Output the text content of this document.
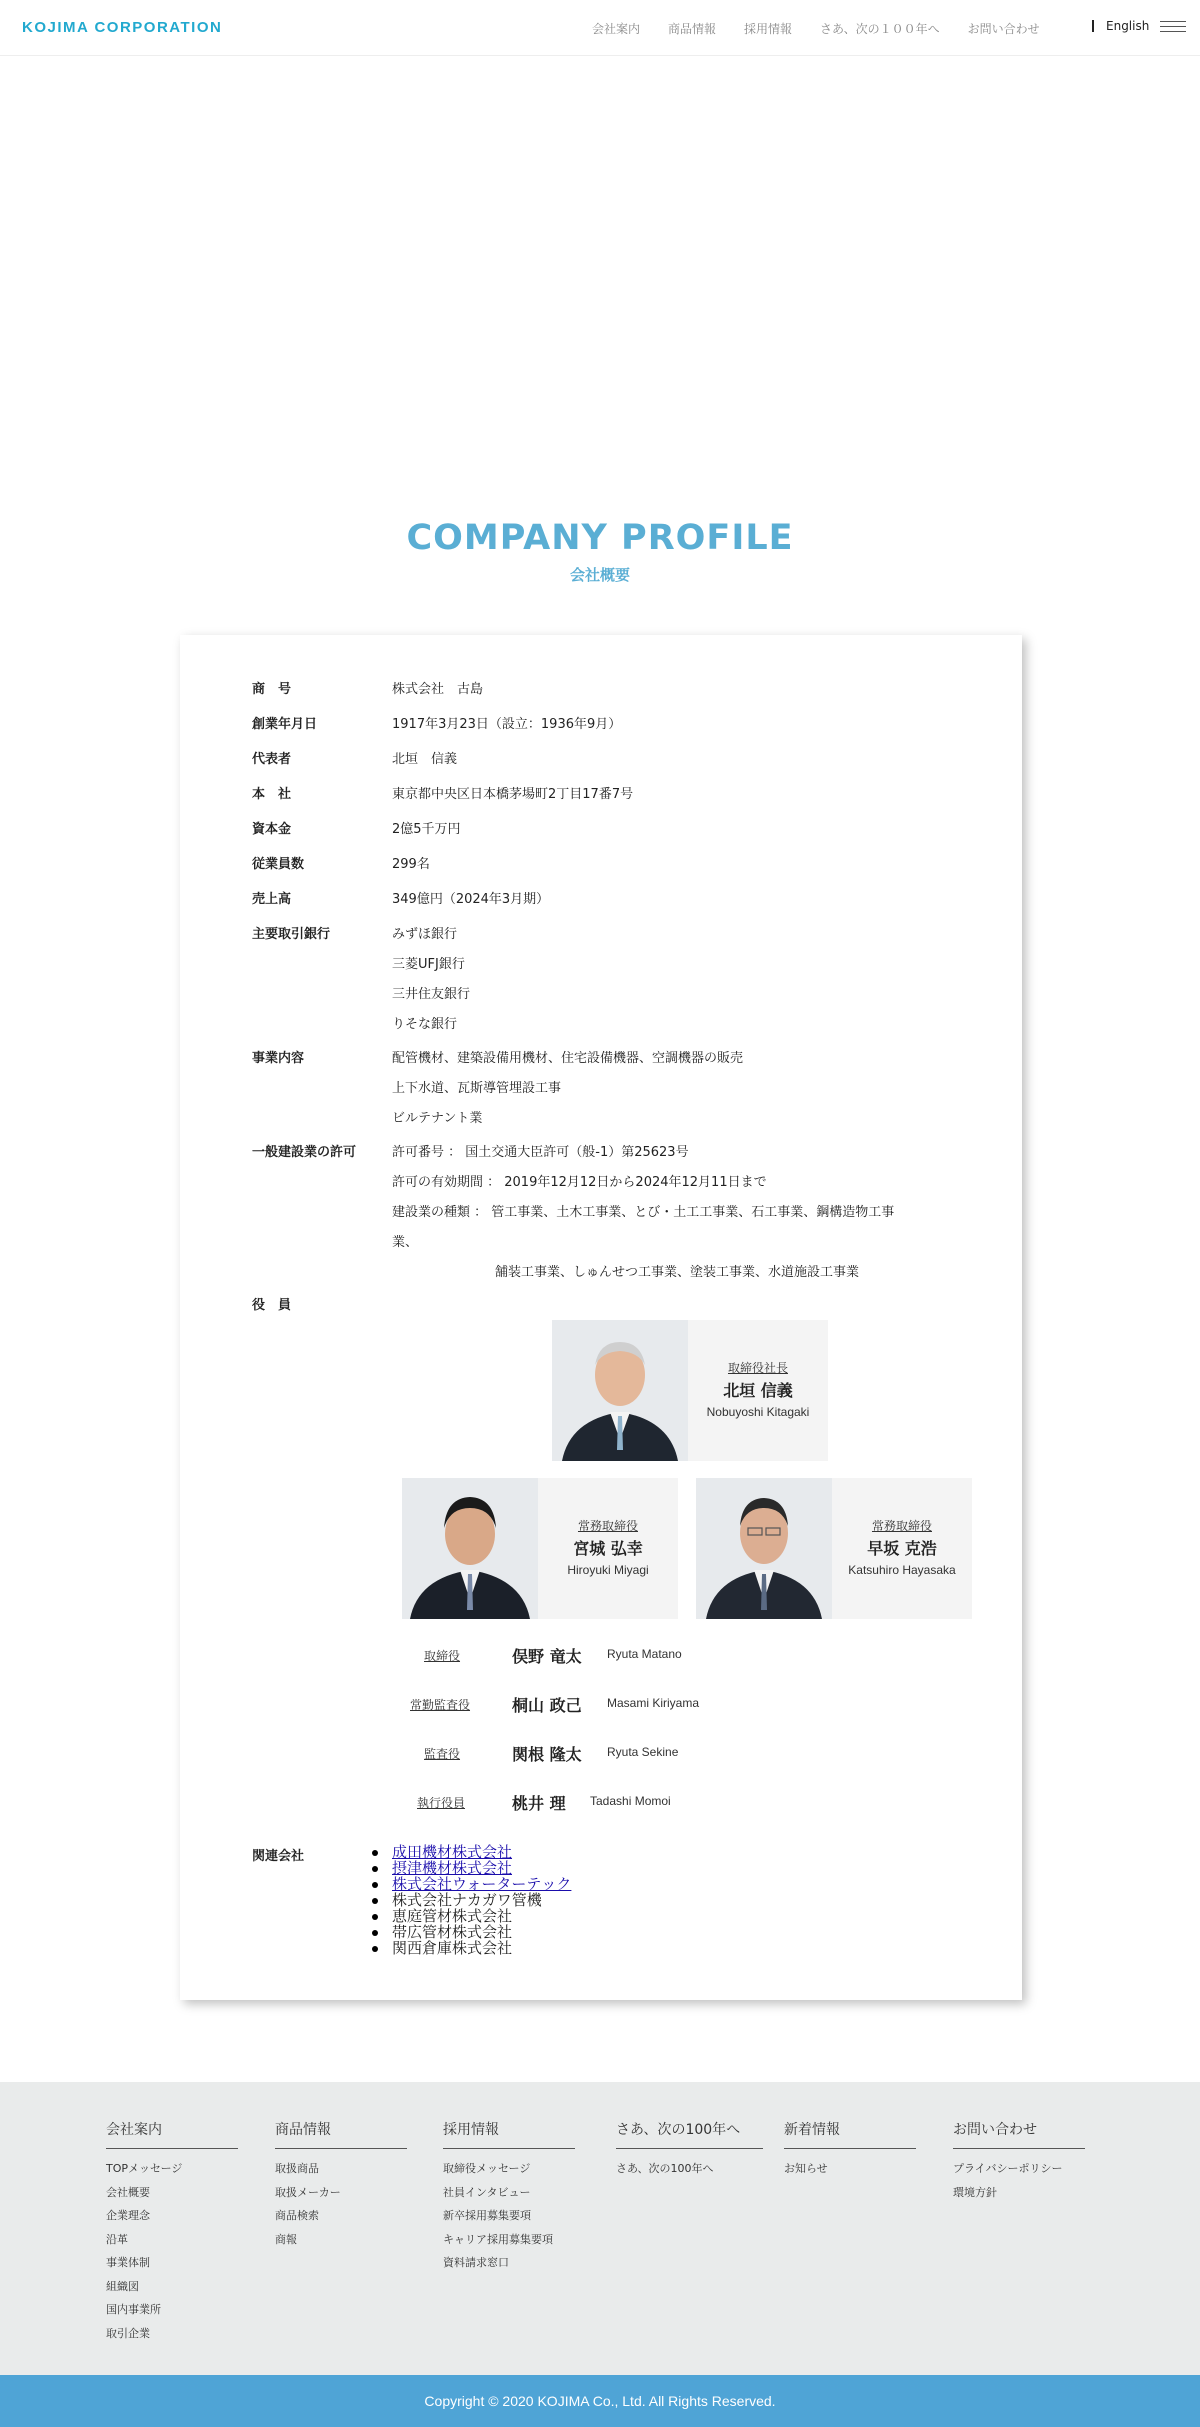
KOJIMA CORPORATION	会社案内 商品情報 採用情報 さあ、次の１００年へ お問い合わせ	English
COMPANY PROFILE
会社概要
商　号	株式会社　古島
創業年月日	1917年3月23日（設立：1936年9月）
代表者	北垣　信義
本　社	東京都中央区日本橋茅場町2丁目17番7号
資本金	2億5千万円
従業員数	299名
売上高	349億円（2024年3月期）
主要取引銀行	みずほ銀行
三菱UFJ銀行
三井住友銀行
りそな銀行
事業内容	配管機材、建築設備用機材、住宅設備機器、空調機器の販売
上下水道、瓦斯導管埋設工事
ビルテナント業
一般建設業の許可	許可番号 ： 国土交通大臣許可（般-1）第25623号
許可の有効期間 ： 2019年12月12日から2024年12月11日まで
建設業の種類 ： 管工事業、土木工事業、とび・土工工事業、石工事業、鋼構造物工事
業、
舗装工事業、しゅんせつ工事業、塗装工事業、水道施設工事業
役　員
取締役社長
北垣 信義
Nobuyoshi Kitagaki
常務取締役
宮城 弘幸
Hiroyuki Miyagi
常務取締役
早坂 克浩
Katsuhiro Hayasaka
取締役	俣野 竜太 Ryuta Matano
常勤監査役	桐山 政己 Masami Kiriyama
監査役	関根 隆太 Ryuta Sekine
執行役員	桃井 理 Tadashi Momoi
関連会社	成田機材株式会社
摂津機材株式会社
株式会社ウォーターテック
株式会社ナカガワ管機
恵庭管材株式会社
帯広管材株式会社
関西倉庫株式会社
会社案内
TOPメッセージ
会社概要
企業理念
沿革
事業体制
組織図
国内事業所
取引企業
商品情報
取扱商品
取扱メーカー
商品検索
商報
採用情報
取締役メッセージ
社員インタビュー
新卒採用募集要項
キャリア採用募集要項
資料請求窓口
さあ、次の100年へ
さあ、次の100年へ
新着情報
お知らせ
お問い合わせ
プライバシーポリシー
環境方針
Copyright © 2020 KOJIMA Co., Ltd. All Rights Reserved.
